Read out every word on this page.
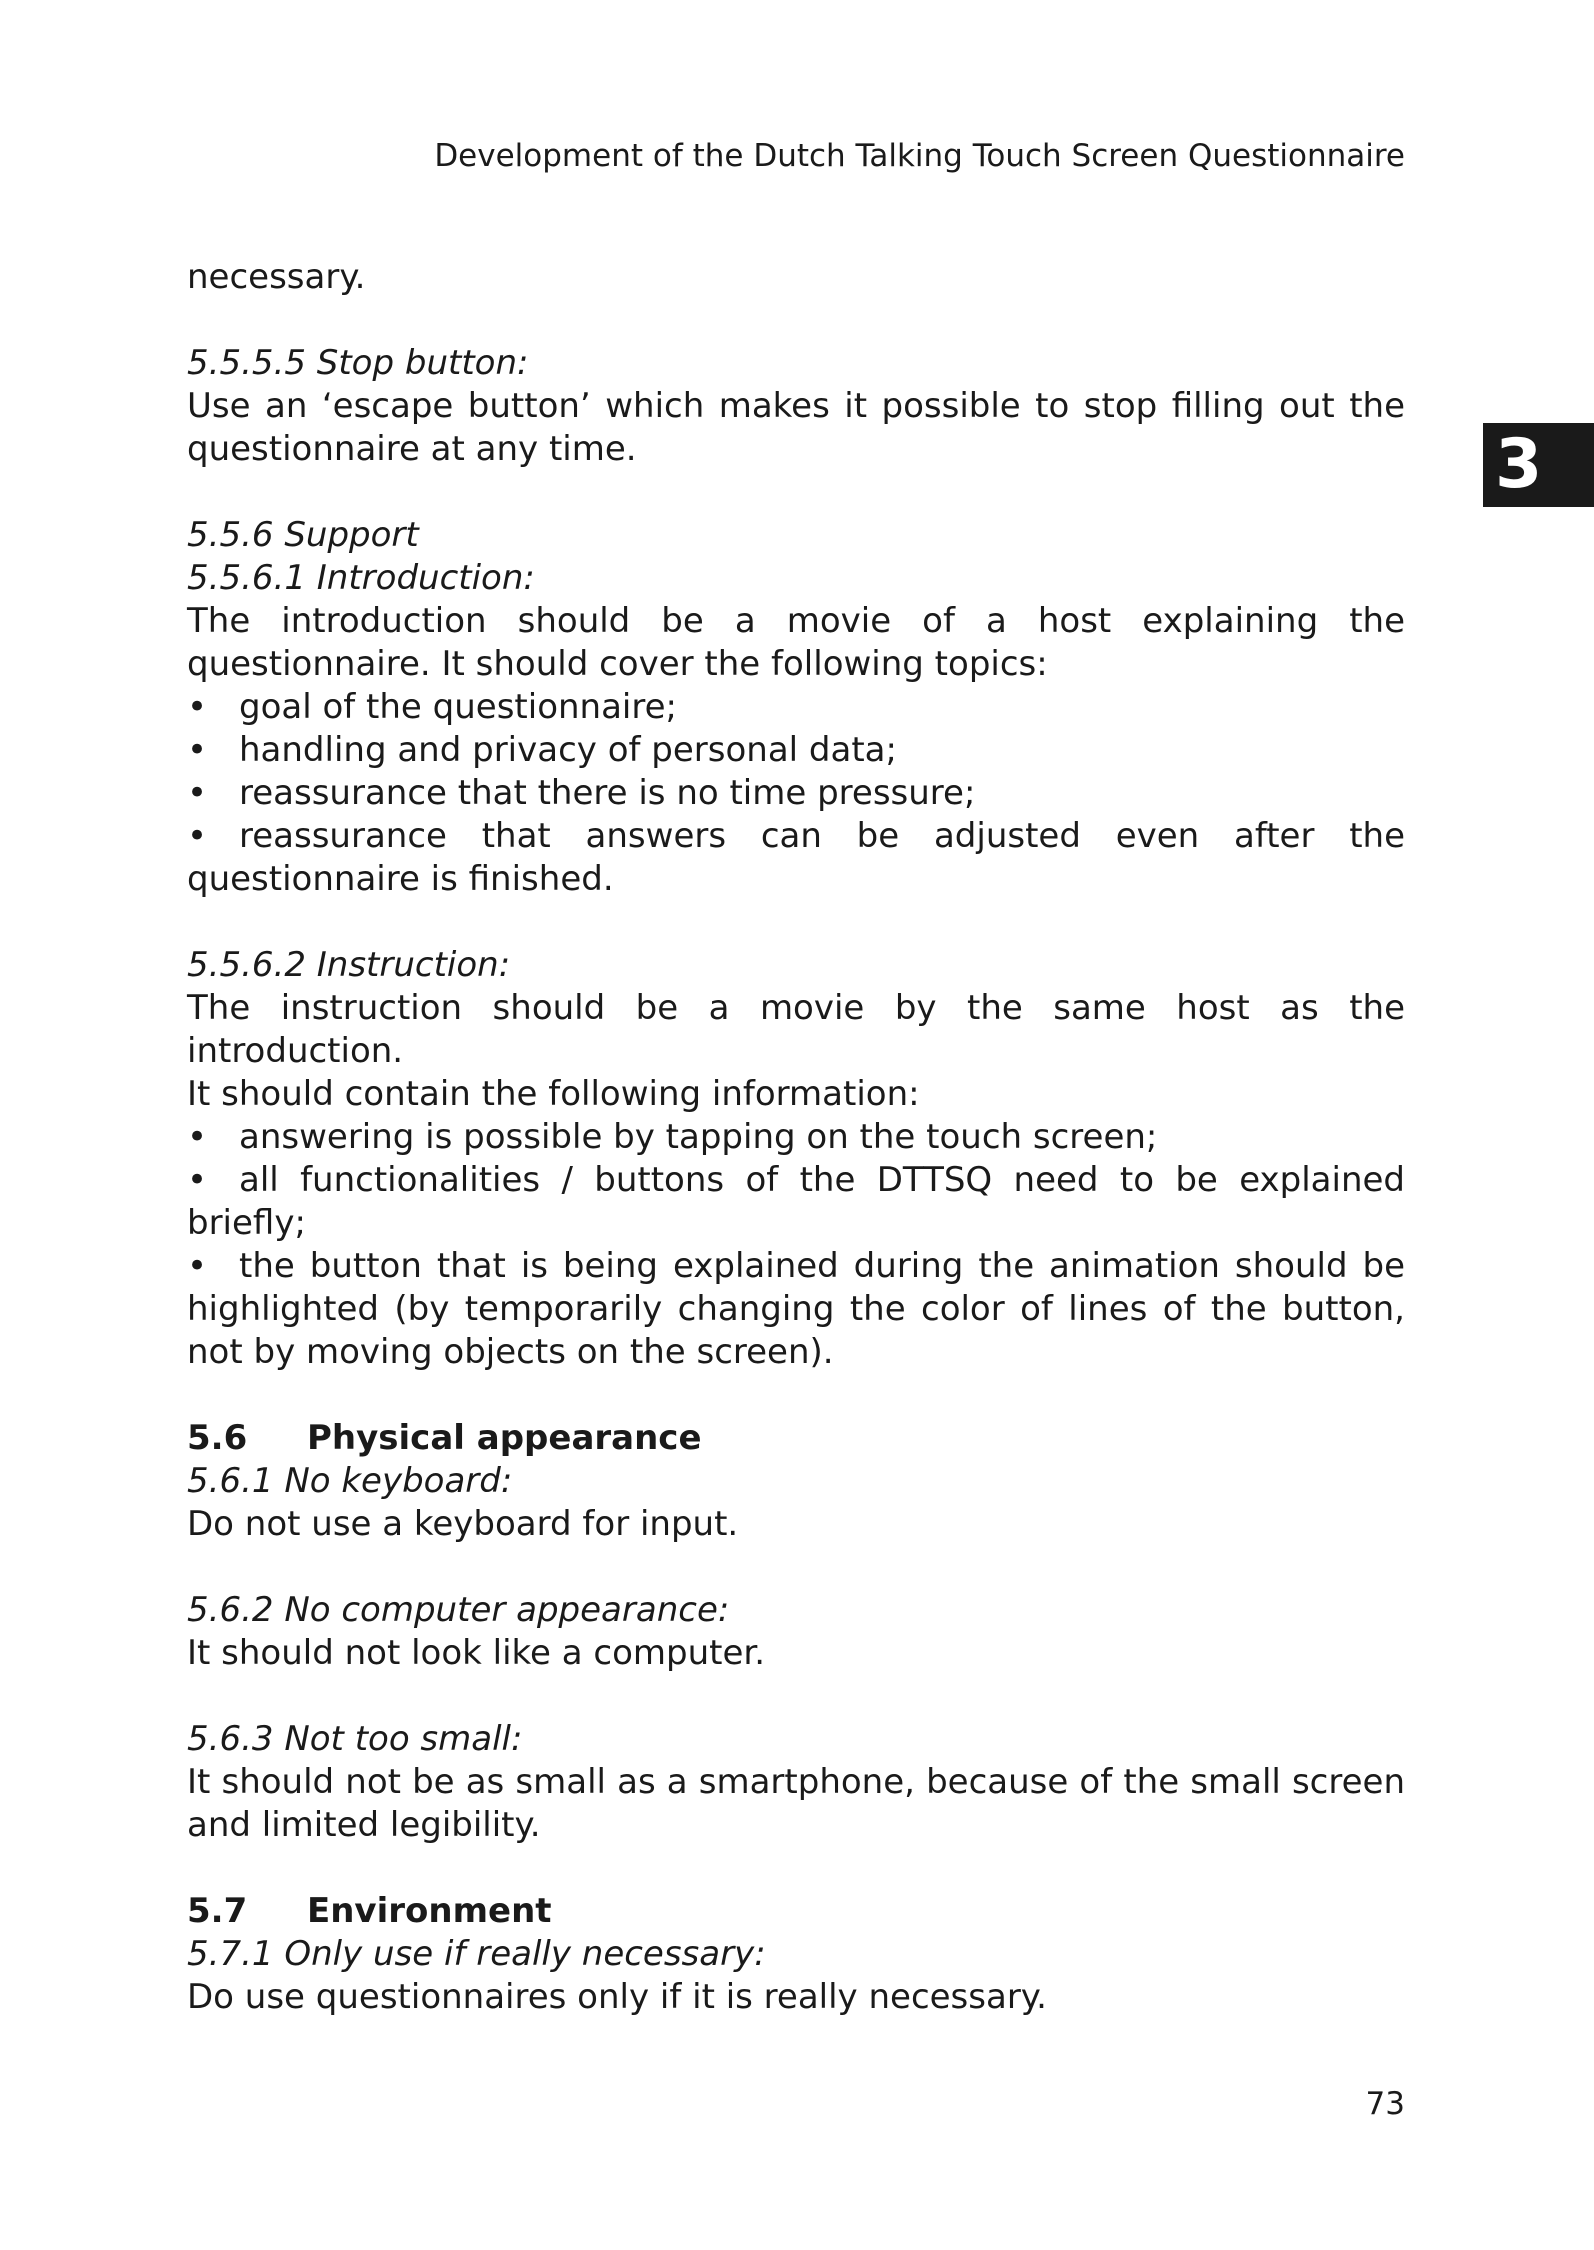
Development of the Dutch Talking Touch Screen Questionnaire
3

necessary.

5.5.5.5 Stop button:

Use an ‘escape button’ which makes it possible to stop filling out the

questionnaire at any time.

5.5.6 Support

5.5.6.1 Introduction:

The introduction should be a movie of a host explaining the

questionnaire. It should cover the following topics:

• goal of the questionnaire;

• handling and privacy of personal data;

• reassurance that there is no time pressure;

• reassurance that answers can be adjusted even after the

questionnaire is finished.

5.5.6.2 Instruction:

The instruction should be a movie by the same host as the introduction.

It should contain the following information:

• answering is possible by tapping on the touch screen;

• all functionalities / buttons of the DTTSQ need to be explained

briefly;

• the button that is being explained during the animation should be

highlighted (by temporarily changing the color of lines of the button,

not by moving objects on the screen).

5.6 Physical appearance

5.6.1 No keyboard:

Do not use a keyboard for input.

5.6.2 No computer appearance:

It should not look like a computer.

5.6.3 Not too small:

It should not be as small as a smartphone, because of the small screen

and limited legibility.

5.7 Environment

5.7.1 Only use if really necessary:

Do use questionnaires only if it is really necessary.

73
